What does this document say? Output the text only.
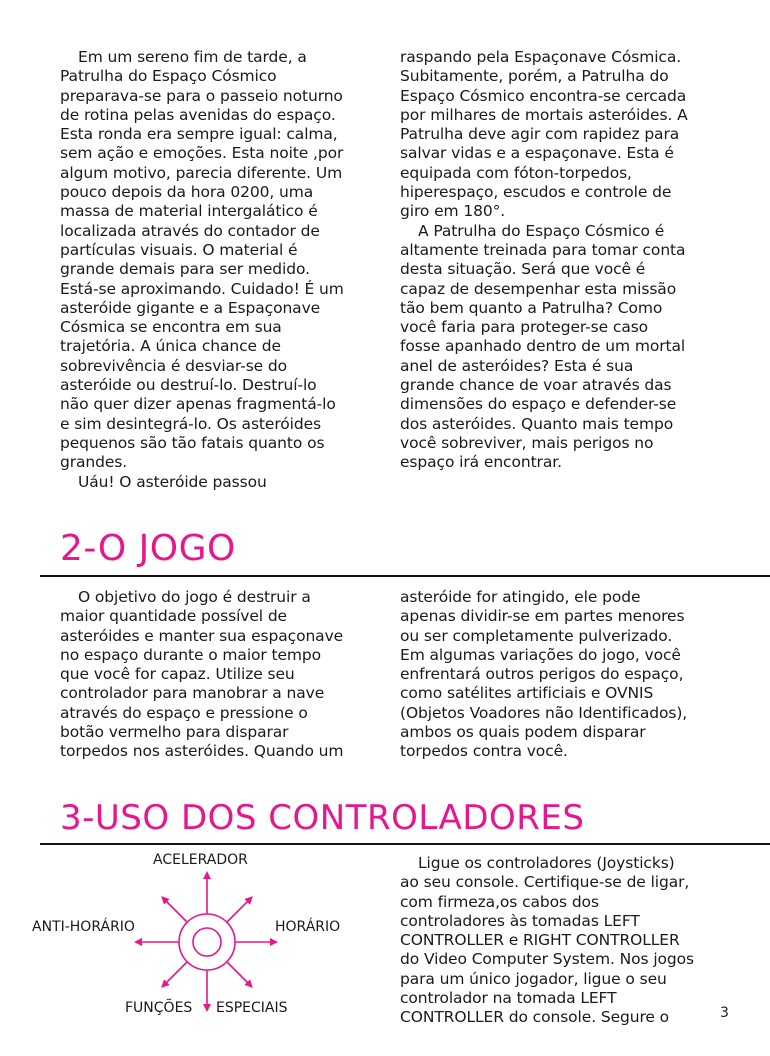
Em um sereno fim de tarde, a Patrulha do Espaço Cósmico preparava-se para o passeio noturno de rotina pelas avenidas do espaço. Esta ronda era sempre igual: calma, sem ação e emoções. Esta noite ,por algum motivo, parecia diferente. Um pouco depois da hora 0200, uma massa de material intergalático é localizada através do contador de partículas visuais. O material é grande demais para ser medido. Está-se aproximando. Cuidado! É um asteróide gigante e a Espaçonave Cósmica se encontra em sua trajetória. A única chance de sobrevivência é desviar-se do asteróide ou destruí-lo. Destruí-lo não quer dizer apenas fragmentá-lo e sim desintegrá-lo. Os asteróides pequenos são tão fatais quanto os grandes.

Uáu! O asteróide passou

raspando pela Espaçonave Cósmica. Subitamente, porém, a Patrulha do Espaço Cósmico encontra-se cercada por milhares de mortais asteróides. A Patrulha deve agir com rapidez para salvar vidas e a espaçonave. Esta é equipada com fóton-torpedos, hiperespaço, escudos e controle de giro em 180°.

A Patrulha do Espaço Cósmico é altamente treinada para tomar conta desta situação. Será que você é capaz de desempenhar esta missão tão bem quanto a Patrulha? Como você faria para proteger-se caso fosse apanhado dentro de um mortal anel de asteróides? Esta é sua grande chance de voar através das dimensões do espaço e defender-se dos asteróides. Quanto mais tempo você sobreviver, mais perigos no espaço irá encontrar.

2-O JOGO

O objetivo do jogo é destruir a maior quantidade possível de asteróides e manter sua espaçonave no espaço durante o maior tempo que você for capaz. Utilize seu controlador para manobrar a nave através do espaço e pressione o botão vermelho para disparar torpedos nos asteróides. Quando um

asteróide for atingido, ele pode apenas dividir-se em partes menores ou ser completamente pulverizado. Em algumas variações do jogo, você enfrentará outros perigos do espaço, como satélites artificiais e OVNIS (Objetos Voadores não Identificados), ambos os quais podem disparar torpedos contra você.

3-USO DOS CONTROLADORES
ACELERADOR
ANTI-HORÁRIO	HORÁRIO
FUNÇÕES ESPECIAIS

Ligue os controladores (Joysticks) ao seu console. Certifique-se de ligar, com firmeza,os cabos dos controladores às tomadas LEFT CONTROLLER e RIGHT CONTROLLER do Video Computer System. Nos jogos para um único jogador, ligue o seu controlador na tomada LEFT CONTROLLER do console. Segure o	3
